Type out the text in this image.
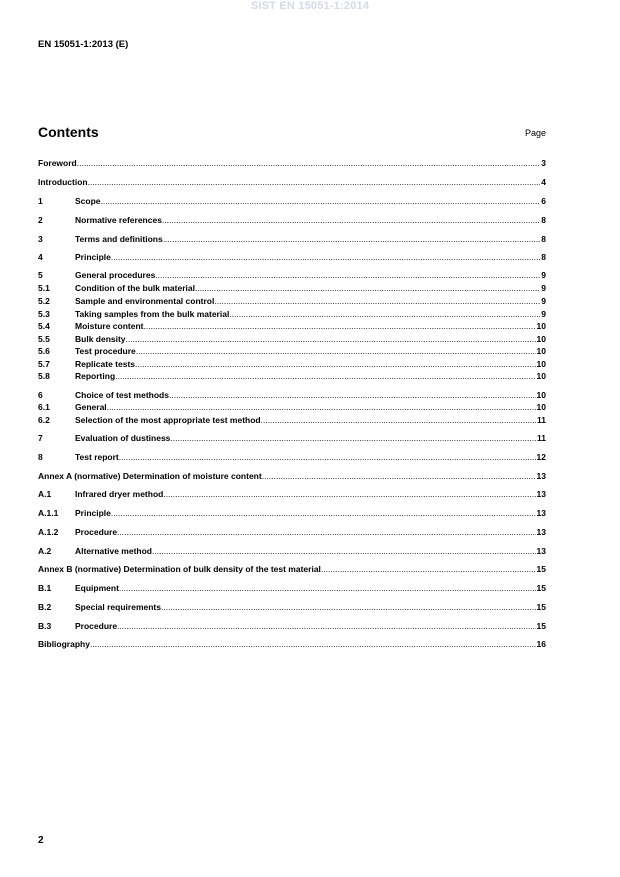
SIST EN 15051-1:2014
EN 15051-1:2013 (E)
Contents	Page
Foreword .....	3
Introduction .....	4
1	Scope .....	6
2	Normative references .....	8
3	Terms and definitions .....	8
4	Principle .....	8
5	General procedures .....	9
5.1	Condition of the bulk material .....	9
5.2	Sample and environmental control .....	9
5.3	Taking samples from the bulk material .....	9
5.4	Moisture content .....	10
5.5	Bulk density .....	10
5.6	Test procedure .....	10
5.7	Replicate tests .....	10
5.8	Reporting .....	10
6	Choice of test methods .....	10
6.1	General .....	10
6.2	Selection of the most appropriate test method .....	11
7	Evaluation of dustiness .....	11
8	Test report .....	12
Annex A (normative) Determination of moisture content .....	13
A.1	Infrared dryer method .....	13
A.1.1	Principle .....	13
A.1.2	Procedure .....	13
A.2	Alternative method .....	13
Annex B (normative) Determination of bulk density of the test material .....	15
B.1	Equipment .....	15
B.2	Special requirements .....	15
B.3	Procedure .....	15
Bibliography .....	16
2
